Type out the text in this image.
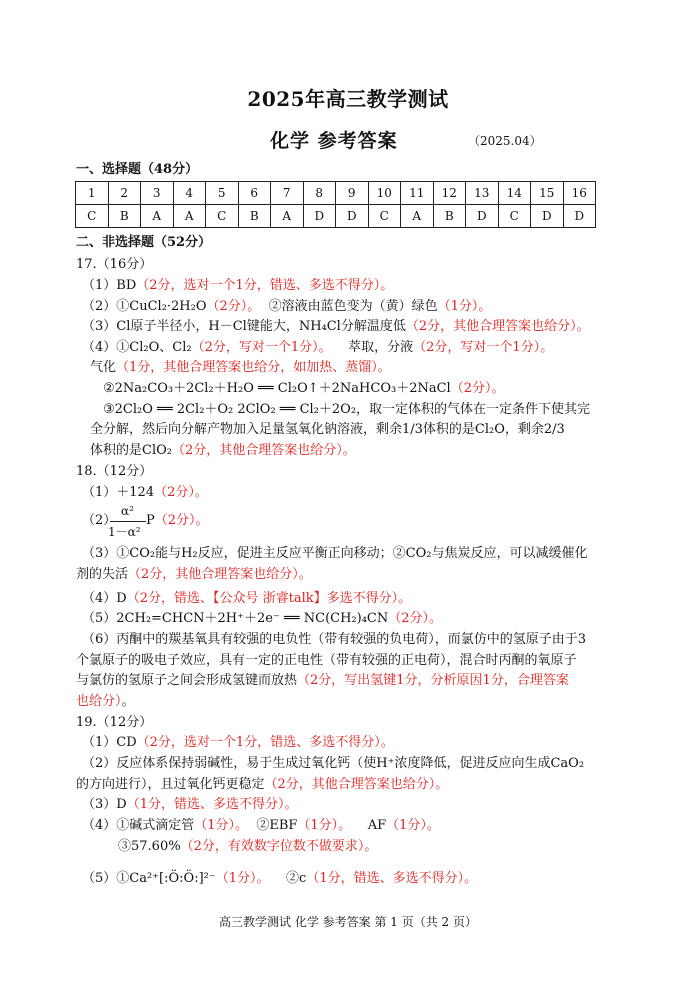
2025年高三教学测试
化学 参考答案	（2025.04）
一、选择题（48分）
1	2	3	4	5	6	7	8	9	10	11	12	13	14	15	16
C	B	A	A	C	B	A	D	D	C	A	B	D	C	D	D
二、非选择题（52分）
17.（16分）
（1）BD（2分，选对一个1分，错选、多选不得分）。
（2）①CuCl₂·2H₂O（2分）。 ②溶液由蓝色变为（黄）绿色（1分）。
（3）Cl原子半径小，H－Cl键能大，NH₄Cl分解温度低（2分，其他合理答案也给分）。
（4）①Cl₂O、Cl₂（2分，写对一个1分）。 萃取，分液（2分，写对一个1分）。
气化（1分，其他合理答案也给分，如加热、蒸馏）。
②2Na₂CO₃＋2Cl₂＋H₂O ══ Cl₂O↑＋2NaHCO₃＋2NaCl（2分）。
③2Cl₂O ══ 2Cl₂＋O₂ 2ClO₂ ══ Cl₂＋2O₂，取一定体积的气体在一定条件下使其完
全分解，然后向分解产物加入足量氢氧化钠溶液，剩余1/3体积的是Cl₂O，剩余2/3
体积的是ClO₂（2分，其他合理答案也给分）。
18.（12分）
（1）＋124（2分）。
（2）
α²
1－α²
P（2分）。
（3）①CO₂能与H₂反应，促进主反应平衡正向移动；②CO₂与焦炭反应，可以减缓催化
剂的失活（2分，其他合理答案也给分）。
（4）D（2分，错选、【公众号 浙睿talk】多选不得分）。
（5）2CH₂=CHCN＋2H⁺＋2e⁻ ══ NC(CH₂)₄CN（2分）。
（6）丙酮中的羰基氧具有较强的电负性（带有较强的负电荷），而氯仿中的氢原子由于3
个氯原子的吸电子效应，具有一定的正电性（带有较强的正电荷），混合时丙酮的氧原子
与氯仿的氢原子之间会形成氢键而放热（2分，写出氢键1分，分析原因1分，合理答案
也给分）。
19.（12分）
（1）CD（2分，选对一个1分，错选、多选不得分）。
（2）反应体系保持弱碱性，易于生成过氧化钙（使H⁺浓度降低，促进反应向生成CaO₂
的方向进行），且过氧化钙更稳定（2分，其他合理答案也给分）。
（3）D（1分，错选、多选不得分）。
（4）①碱式滴定管（1分）。 ②EBF（1分）。 AF（1分）。
③57.60%（2分，有效数字位数不做要求）。
（5）①Ca²⁺[:Ö:Ö:]²⁻（1分）。 ②c（1分，错选、多选不得分）。
高三教学测试 化学 参考答案 第 1 页（共 2 页）
